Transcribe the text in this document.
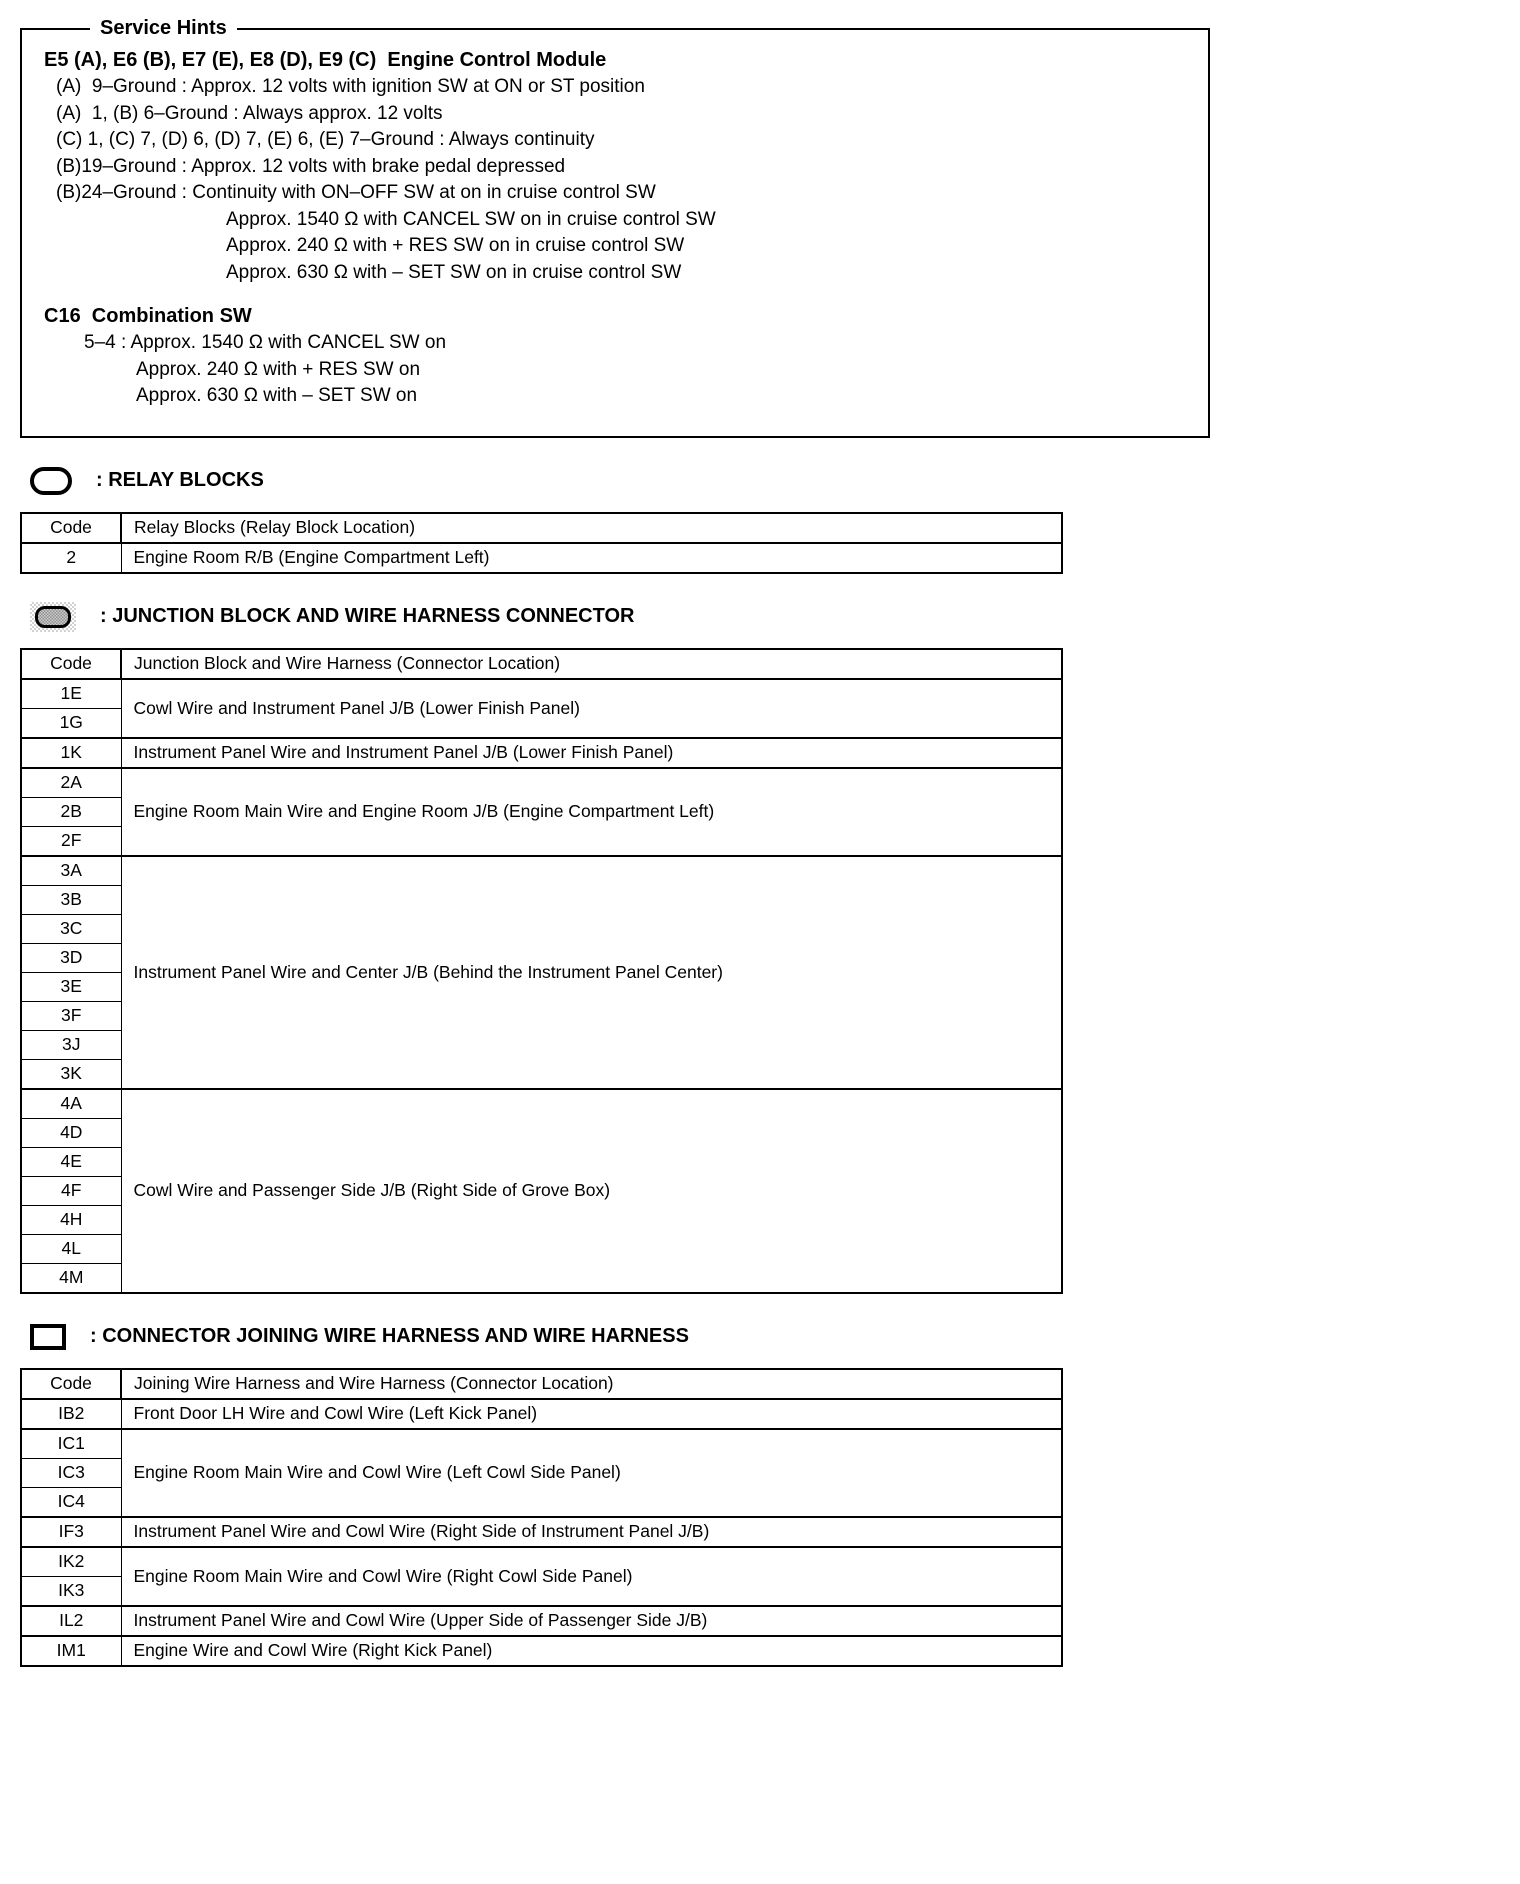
Service Hints
E5 (A), E6 (B), E7 (E), E8 (D), E9 (C)  Engine Control Module
(A)  9–Ground : Approx. 12 volts with ignition SW at ON or ST position
(A)  1, (B) 6–Ground : Always approx. 12 volts
(C) 1, (C) 7, (D) 6, (D) 7, (E) 6, (E) 7–Ground : Always continuity
(B)19–Ground : Approx. 12 volts with brake pedal depressed
(B)24–Ground : Continuity with ON–OFF SW at on in cruise control SW
Approx. 1540 Ω with CANCEL SW on in cruise control SW
Approx. 240 Ω with + RES SW on in cruise control SW
Approx. 630 Ω with – SET SW on in cruise control SW
C16  Combination SW
5–4 : Approx. 1540 Ω with CANCEL SW on
Approx. 240 Ω with + RES SW on
Approx. 630 Ω with – SET SW on
: RELAY BLOCKS
Code	Relay Blocks (Relay Block Location)
2	Engine Room R/B (Engine Compartment Left)
: JUNCTION BLOCK AND WIRE HARNESS CONNECTOR
Code	Junction Block and Wire Harness (Connector Location)
1E	Cowl Wire and Instrument Panel J/B (Lower Finish Panel)
1G	
1K	Instrument Panel Wire and Instrument Panel J/B (Lower Finish Panel)
2A	Engine Room Main Wire and Engine Room J/B (Engine Compartment Left)
2B	
2F	
3A	Instrument Panel Wire and Center J/B (Behind the Instrument Panel Center)
3B	
3C	
3D	
3E	
3F	
3J	
3K	
4A	Cowl Wire and Passenger Side J/B (Right Side of Grove Box)
4D	
4E	
4F	
4H	
4L	
4M	
: CONNECTOR JOINING WIRE HARNESS AND WIRE HARNESS
Code	Joining Wire Harness and Wire Harness (Connector Location)
IB2	Front Door LH Wire and Cowl Wire (Left Kick Panel)
IC1	Engine Room Main Wire and Cowl Wire (Left Cowl Side Panel)
IC3	
IC4	
IF3	Instrument Panel Wire and Cowl Wire (Right Side of Instrument Panel J/B)
IK2	Engine Room Main Wire and Cowl Wire (Right Cowl Side Panel)
IK3	
IL2	Instrument Panel Wire and Cowl Wire (Upper Side of Passenger Side J/B)
IM1	Engine Wire and Cowl Wire (Right Kick Panel)
